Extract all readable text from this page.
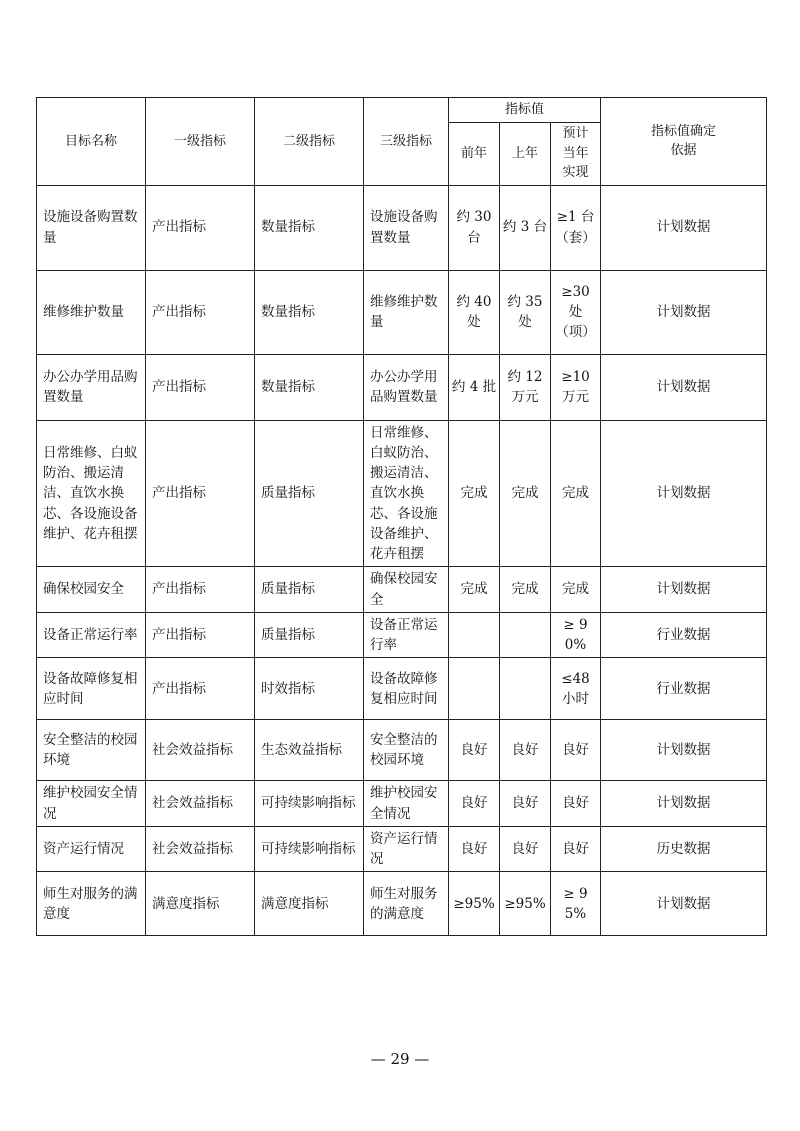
目标名称	一级指标	二级指标	三级指标	指标值			指标值确定依据
				前年	上年	预计当年实现	
设施设备购置数量	产出指标	数量指标	设施设备购置数量	约 30 台	约 3 台	≥1 台（套）	计划数据
维修维护数量	产出指标	数量指标	维修维护数量	约 40 处	约 35 处	≥30 处（项）	计划数据
办公办学用品购置数量	产出指标	数量指标	办公办学用品购置数量	约 4 批	约 12 万元	≥10 万元	计划数据
日常维修、白蚁防治、搬运清洁、直饮水换芯、各设施设备维护、花卉租摆	产出指标	质量指标	日常维修、白蚁防治、搬运清洁、直饮水换芯、各设施设备维护、花卉租摆	完成	完成	完成	计划数据
确保校园安全	产出指标	质量指标	确保校园安全	完成	完成	完成	计划数据
设备正常运行率	产出指标	质量指标	设备正常运行率			≥ 90%	行业数据
设备故障修复相应时间	产出指标	时效指标	设备故障修复相应时间			≤48 小时	行业数据
安全整洁的校园环境	社会效益指标	生态效益指标	安全整洁的校园环境	良好	良好	良好	计划数据
维护校园安全情况	社会效益指标	可持续影响指标	维护校园安全情况	良好	良好	良好	计划数据
资产运行情况	社会效益指标	可持续影响指标	资产运行情况	良好	良好	良好	历史数据
师生对服务的满意度	满意度指标	满意度指标	师生对服务的满意度	≥95%	≥95%	≥ 95%	计划数据
— 29 —
